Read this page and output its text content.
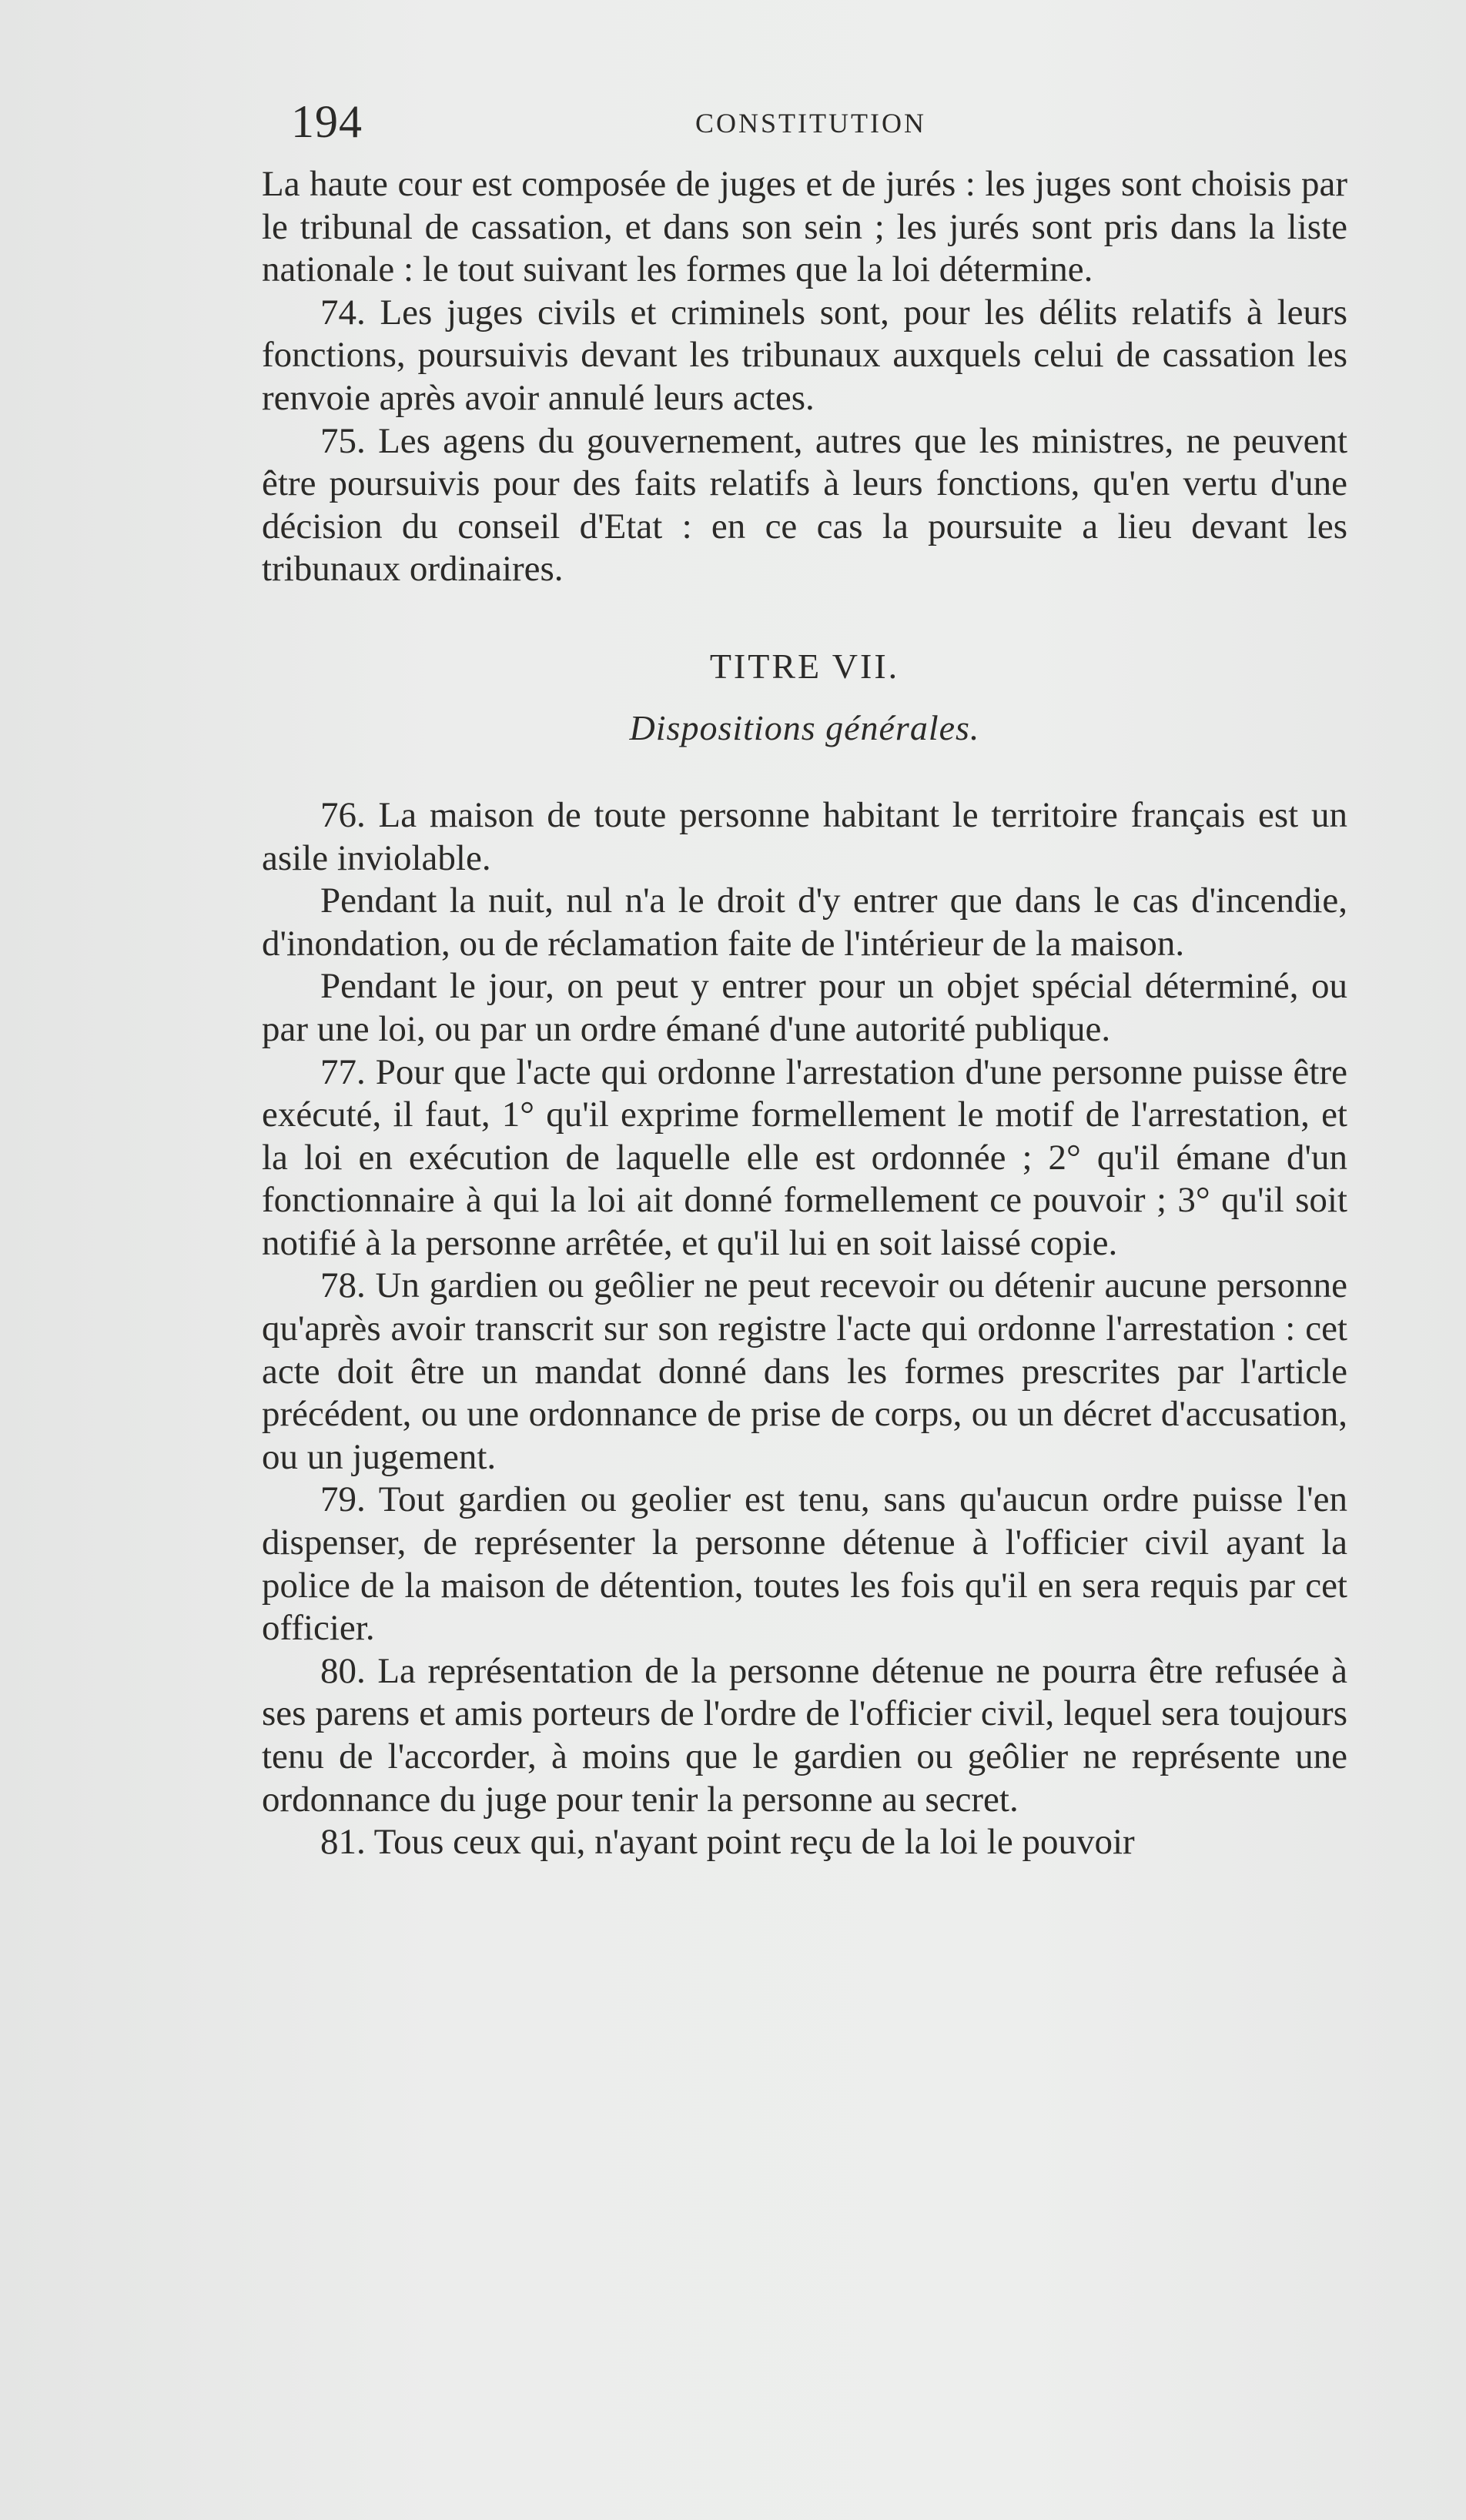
194	CONSTITUTION

La haute cour est composée de juges et de jurés : les juges sont choisis par le tribunal de cassation, et dans son sein ; les jurés sont pris dans la liste nationale : le tout suivant les formes que la loi détermine.

74. Les juges civils et criminels sont, pour les délits relatifs à leurs fonctions, poursuivis devant les tribunaux auxquels celui de cassation les renvoie après avoir annulé leurs actes.

75. Les agens du gouvernement, autres que les ministres, ne peuvent être poursuivis pour des faits relatifs à leurs fonctions, qu'en vertu d'une décision du conseil d'Etat : en ce cas la poursuite a lieu devant les tribunaux ordinaires.

TITRE VII.
Dispositions générales.

76. La maison de toute personne habitant le territoire français est un asile inviolable.

Pendant la nuit, nul n'a le droit d'y entrer que dans le cas d'incendie, d'inondation, ou de réclamation faite de l'intérieur de la maison.

Pendant le jour, on peut y entrer pour un objet spécial déterminé, ou par une loi, ou par un ordre émané d'une autorité publique.

77. Pour que l'acte qui ordonne l'arrestation d'une personne puisse être exécuté, il faut, 1° qu'il exprime formellement le motif de l'arrestation, et la loi en exécution de laquelle elle est ordonnée ; 2° qu'il émane d'un fonctionnaire à qui la loi ait donné formellement ce pouvoir ; 3° qu'il soit notifié à la personne arrêtée, et qu'il lui en soit laissé copie.

78. Un gardien ou geôlier ne peut recevoir ou détenir aucune personne qu'après avoir transcrit sur son registre l'acte qui ordonne l'arrestation : cet acte doit être un mandat donné dans les formes prescrites par l'article précédent, ou une ordonnance de prise de corps, ou un décret d'accusation, ou un jugement.

79. Tout gardien ou geolier est tenu, sans qu'aucun ordre puisse l'en dispenser, de représenter la personne détenue à l'officier civil ayant la police de la maison de détention, toutes les fois qu'il en sera requis par cet officier.

80. La représentation de la personne détenue ne pourra être refusée à ses parens et amis porteurs de l'ordre de l'officier civil, lequel sera toujours tenu de l'accorder, à moins que le gardien ou geôlier ne représente une ordonnance du juge pour tenir la personne au secret.

81. Tous ceux qui, n'ayant point reçu de la loi le pouvoir
